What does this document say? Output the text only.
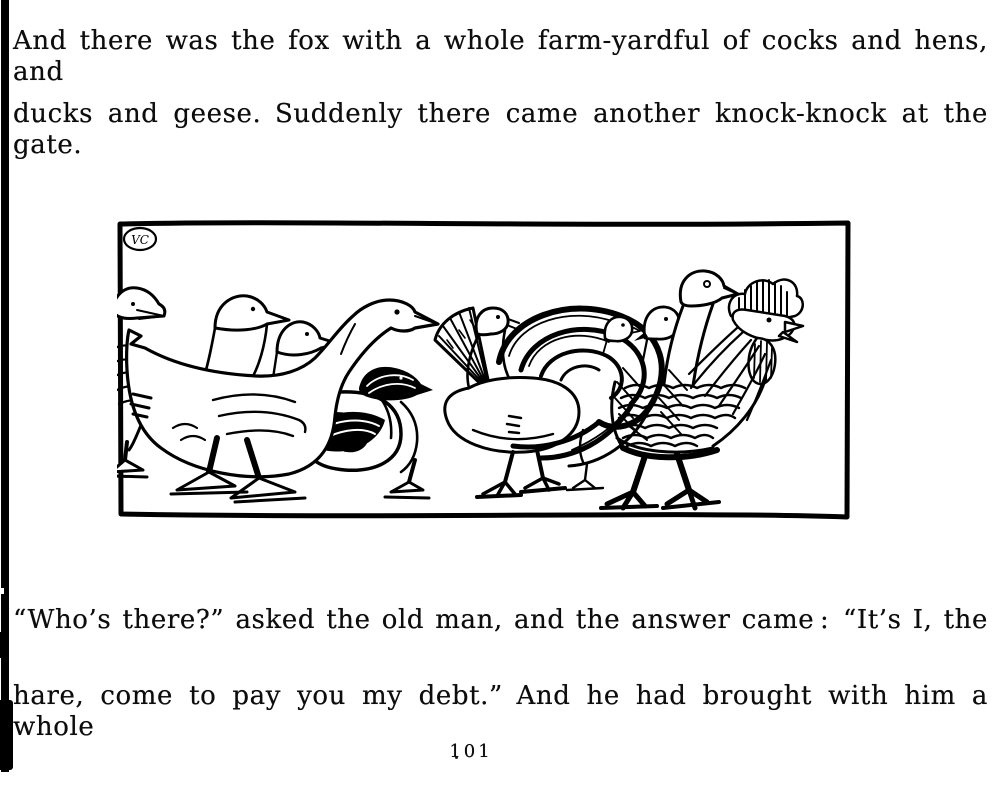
And there was the fox with a whole farm-yardful of cocks and hens, and
ducks and geese. Suddenly there came another knock-knock at the gate.
VC
“Who’s there?” asked the old man, and the answer came : “It’s I, the
hare, come to pay you my debt.” And he had brought with him a whole
101
